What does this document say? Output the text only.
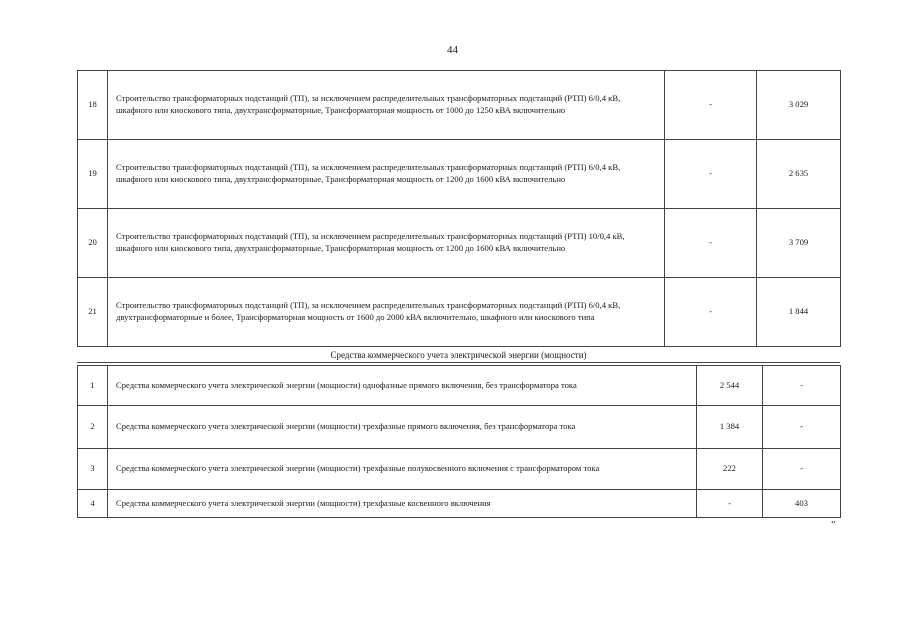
44
18	Строительство трансформаторных подстанций (ТП), за исключением распределительных трансформаторных подстанций (РТП) 6/0,4 кВ, шкафного или киоскового типа, двухтрансформаторные, Трансформаторная мощность от 1000 до 1250 кВА включительно	-	3 029
19	Строительство трансформаторных подстанций (ТП), за исключением распределительных трансформаторных подстанций (РТП) 6/0,4 кВ, шкафного или киоскового типа, двухтрансформаторные, Трансформаторная мощность от 1200 до 1600 кВА включительно	-	2 635
20	Строительство трансформаторных подстанций (ТП), за исключением распределительных трансформаторных подстанций (РТП) 10/0,4 кВ, шкафного или киоскового типа, двухтрансформаторные, Трансформаторная мощность от 1200 до 1600 кВА включительно	-	3 709
21	Строительство трансформаторных подстанций (ТП), за исключением распределительных трансформаторных подстанций (РТП) 6/0,4 кВ, двухтрансформаторные и более, Трансформаторная мощность от 1600 до 2000 кВА включительно, шкафного или киоскового типа	-	1 844
Средства коммерческого учета электрической энергии (мощности)
1	Средства коммерческого учета электрической энергии (мощности) однофазные прямого включения, без трансформатора тока	2 544	-
2	Средства коммерческого учета электрической энергии (мощности) трехфазные прямого включения, без трансформатора тока	1 384	-
3	Средства коммерческого учета электрической энергии (мощности) трехфазные полукосвенного включения с трансформатором тока	222	-
4	Средства коммерческого учета электрической энергии (мощности) трехфазные косвенного включения	-	403
"
